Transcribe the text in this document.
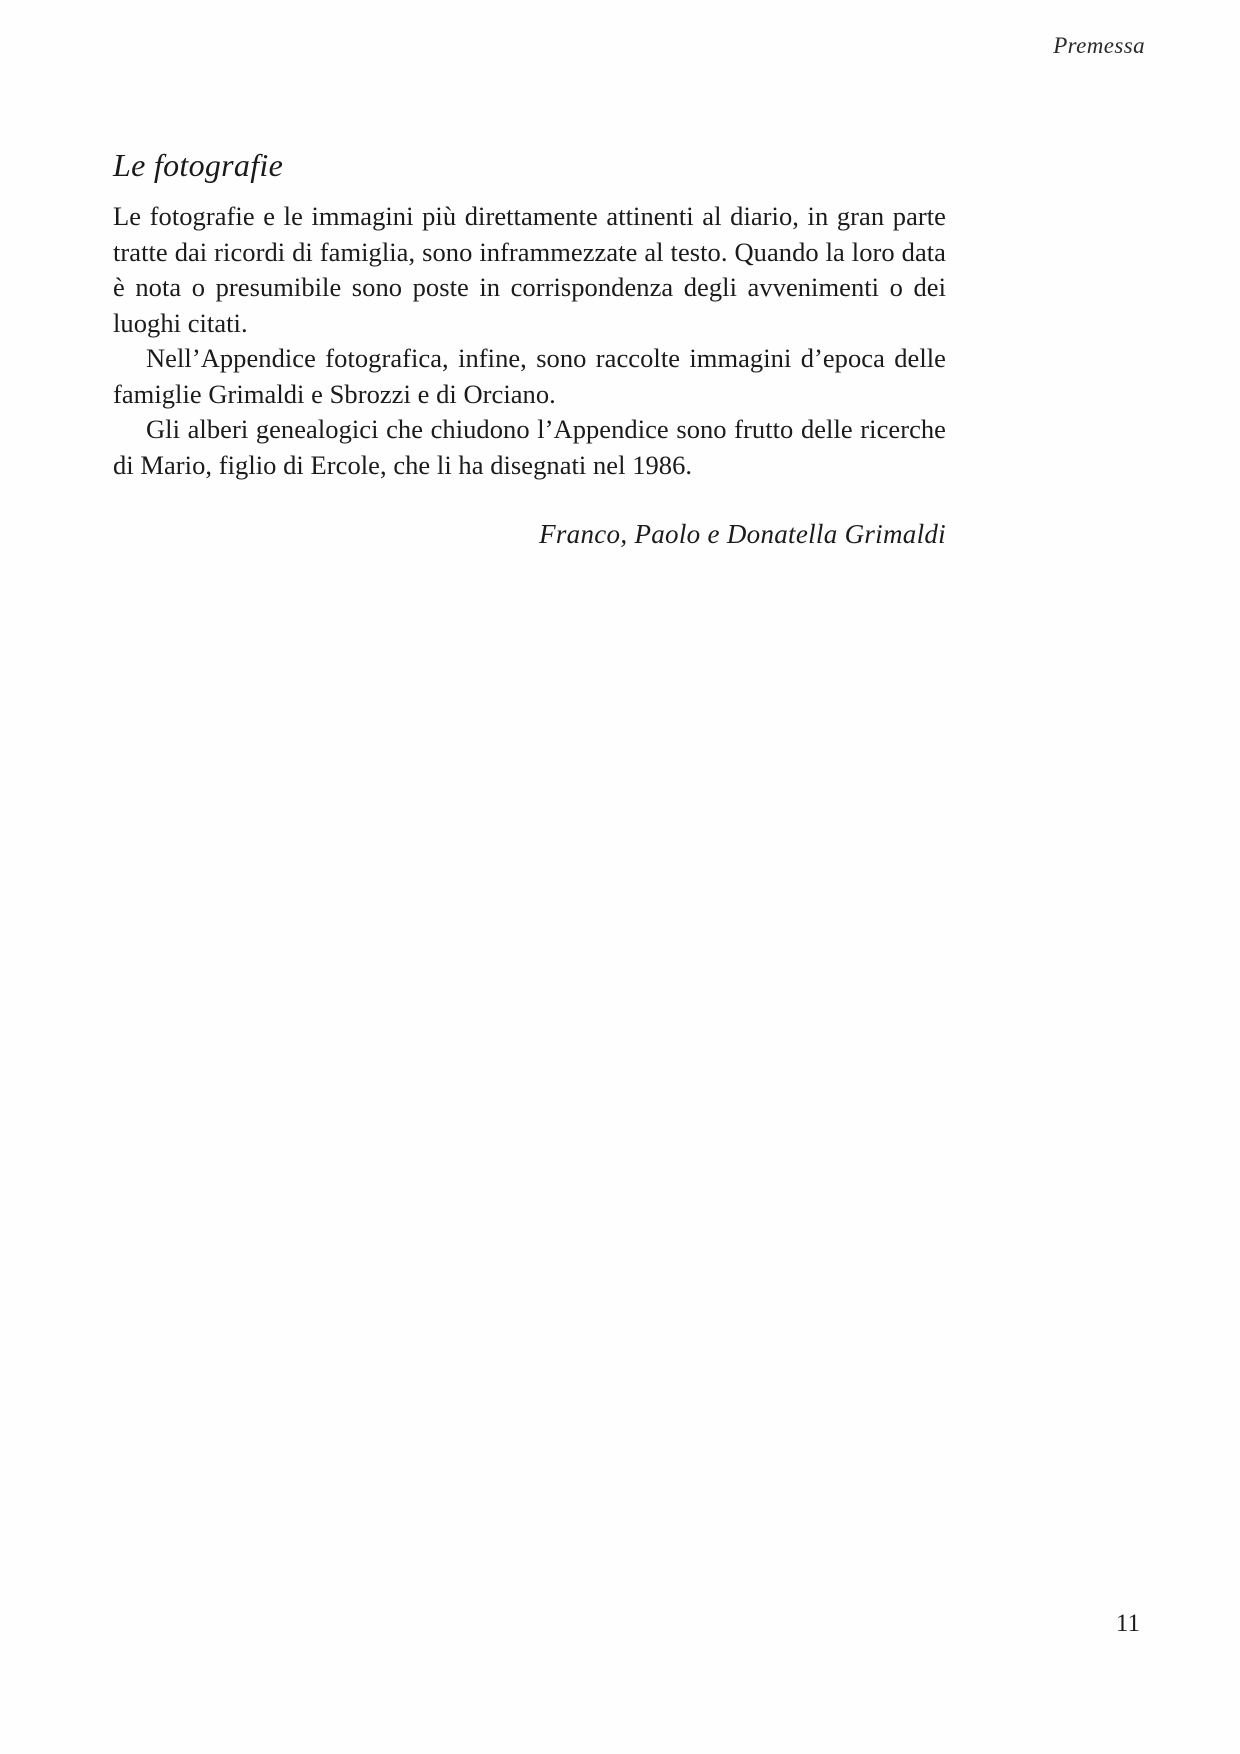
Premessa
Le fotografie

Le fotografie e le immagini più direttamente attinenti al diario, in gran parte tratte dai ricordi di famiglia, sono inframmezzate al testo. Quando la loro data è nota o presumibile sono poste in corrispondenza degli avvenimenti o dei luoghi citati.

Nell’Appendice fotografica, infine, sono raccolte immagini d’epoca delle famiglie Grimaldi e Sbrozzi e di Orciano.

Gli alberi genealogici che chiudono l’Appendice sono frutto delle ricerche di Mario, figlio di Ercole, che li ha disegnati nel 1986.

Franco, Paolo e Donatella Grimaldi
11
